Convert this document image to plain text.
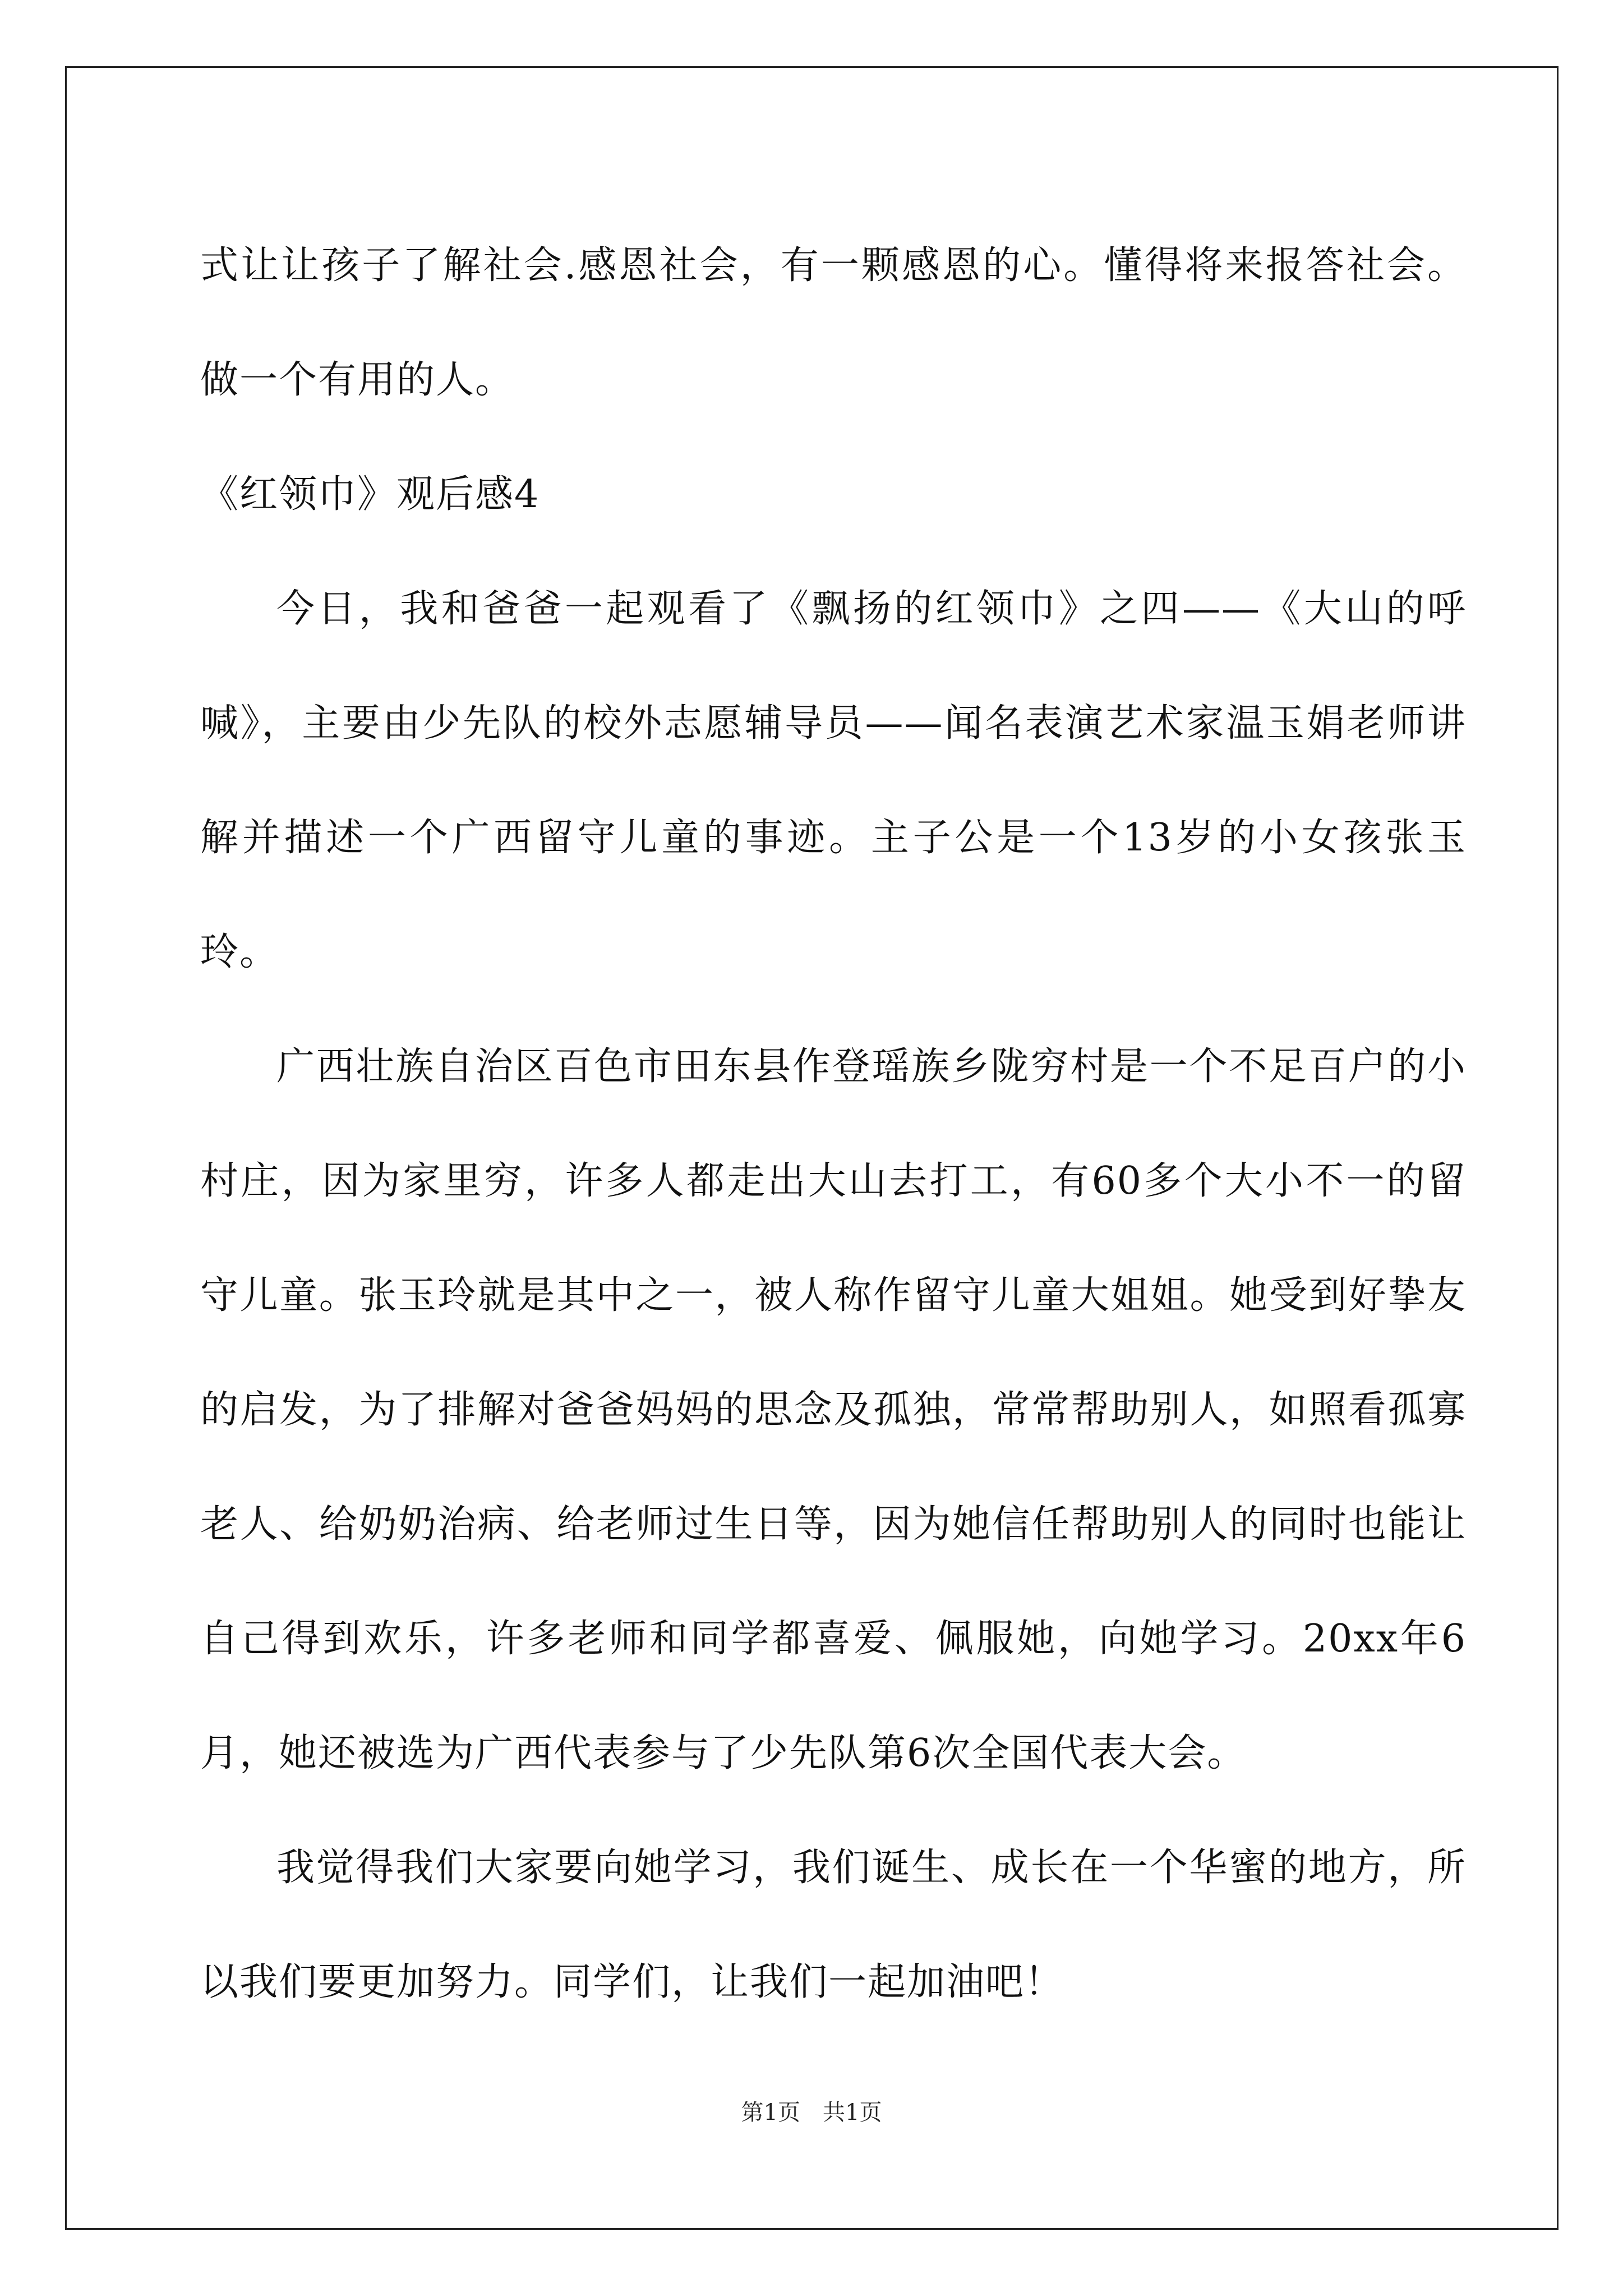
式让让孩子了解社会.感恩社会，有一颗感恩的心。懂得将来报答社会。做一个有用的人。

《红领巾》观后感4

今日，我和爸爸一起观看了《飘扬的红领巾》之四——《大山的呼喊》，主要由少先队的校外志愿辅导员——闻名表演艺术家温玉娟老师讲解并描述一个广西留守儿童的事迹。主子公是一个13岁的小女孩张玉玲。

广西壮族自治区百色市田东县作登瑶族乡陇穷村是一个不足百户的小村庄，因为家里穷，许多人都走出大山去打工，有60多个大小不一的留守儿童。张玉玲就是其中之一，被人称作留守儿童大姐姐。她受到好挚友的启发，为了排解对爸爸妈妈的思念及孤独，常常帮助别人，如照看孤寡老人、给奶奶治病、给老师过生日等，因为她信任帮助别人的同时也能让自己得到欢乐，许多老师和同学都喜爱、佩服她，向她学习。20xx年6月，她还被选为广西代表参与了少先队第6次全国代表大会。

我觉得我们大家要向她学习，我们诞生、成长在一个华蜜的地方，所以我们要更加努力。同学们，让我们一起加油吧！

第1页 共1页
